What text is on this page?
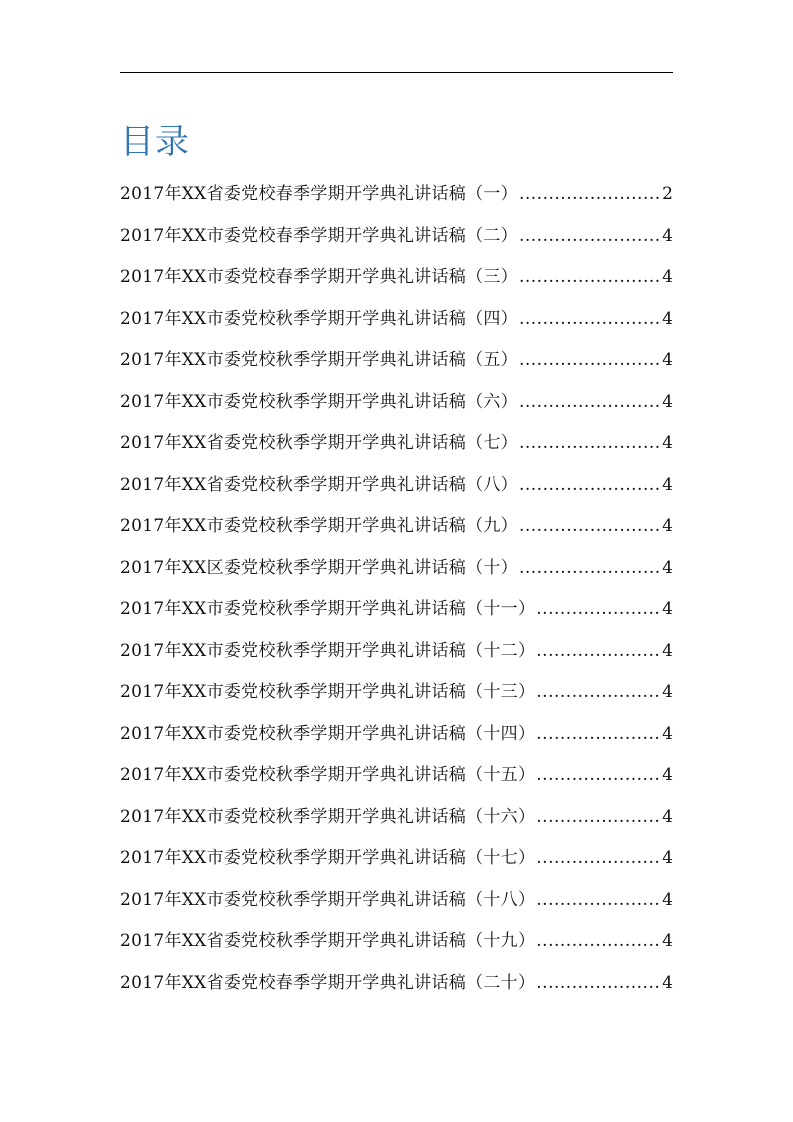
目录
2017年XX省委党校春季学期开学典礼讲话稿（一） .....	2
2017年XX市委党校春季学期开学典礼讲话稿（二） .....	4
2017年XX市委党校春季学期开学典礼讲话稿（三） .....	4
2017年XX市委党校秋季学期开学典礼讲话稿（四） .....	4
2017年XX市委党校秋季学期开学典礼讲话稿（五） .....	4
2017年XX市委党校秋季学期开学典礼讲话稿（六） .....	4
2017年XX省委党校秋季学期开学典礼讲话稿（七） .....	4
2017年XX省委党校秋季学期开学典礼讲话稿（八） .....	4
2017年XX市委党校秋季学期开学典礼讲话稿（九） .....	4
2017年XX区委党校秋季学期开学典礼讲话稿（十） .....	4
2017年XX市委党校秋季学期开学典礼讲话稿（十一） .....	4
2017年XX市委党校秋季学期开学典礼讲话稿（十二） .....	4
2017年XX市委党校秋季学期开学典礼讲话稿（十三） .....	4
2017年XX市委党校秋季学期开学典礼讲话稿（十四） .....	4
2017年XX市委党校秋季学期开学典礼讲话稿（十五） .....	4
2017年XX市委党校秋季学期开学典礼讲话稿（十六） .....	4
2017年XX市委党校秋季学期开学典礼讲话稿（十七） .....	4
2017年XX市委党校秋季学期开学典礼讲话稿（十八） .....	4
2017年XX省委党校秋季学期开学典礼讲话稿（十九） .....	4
2017年XX省委党校春季学期开学典礼讲话稿（二十） .....	4
